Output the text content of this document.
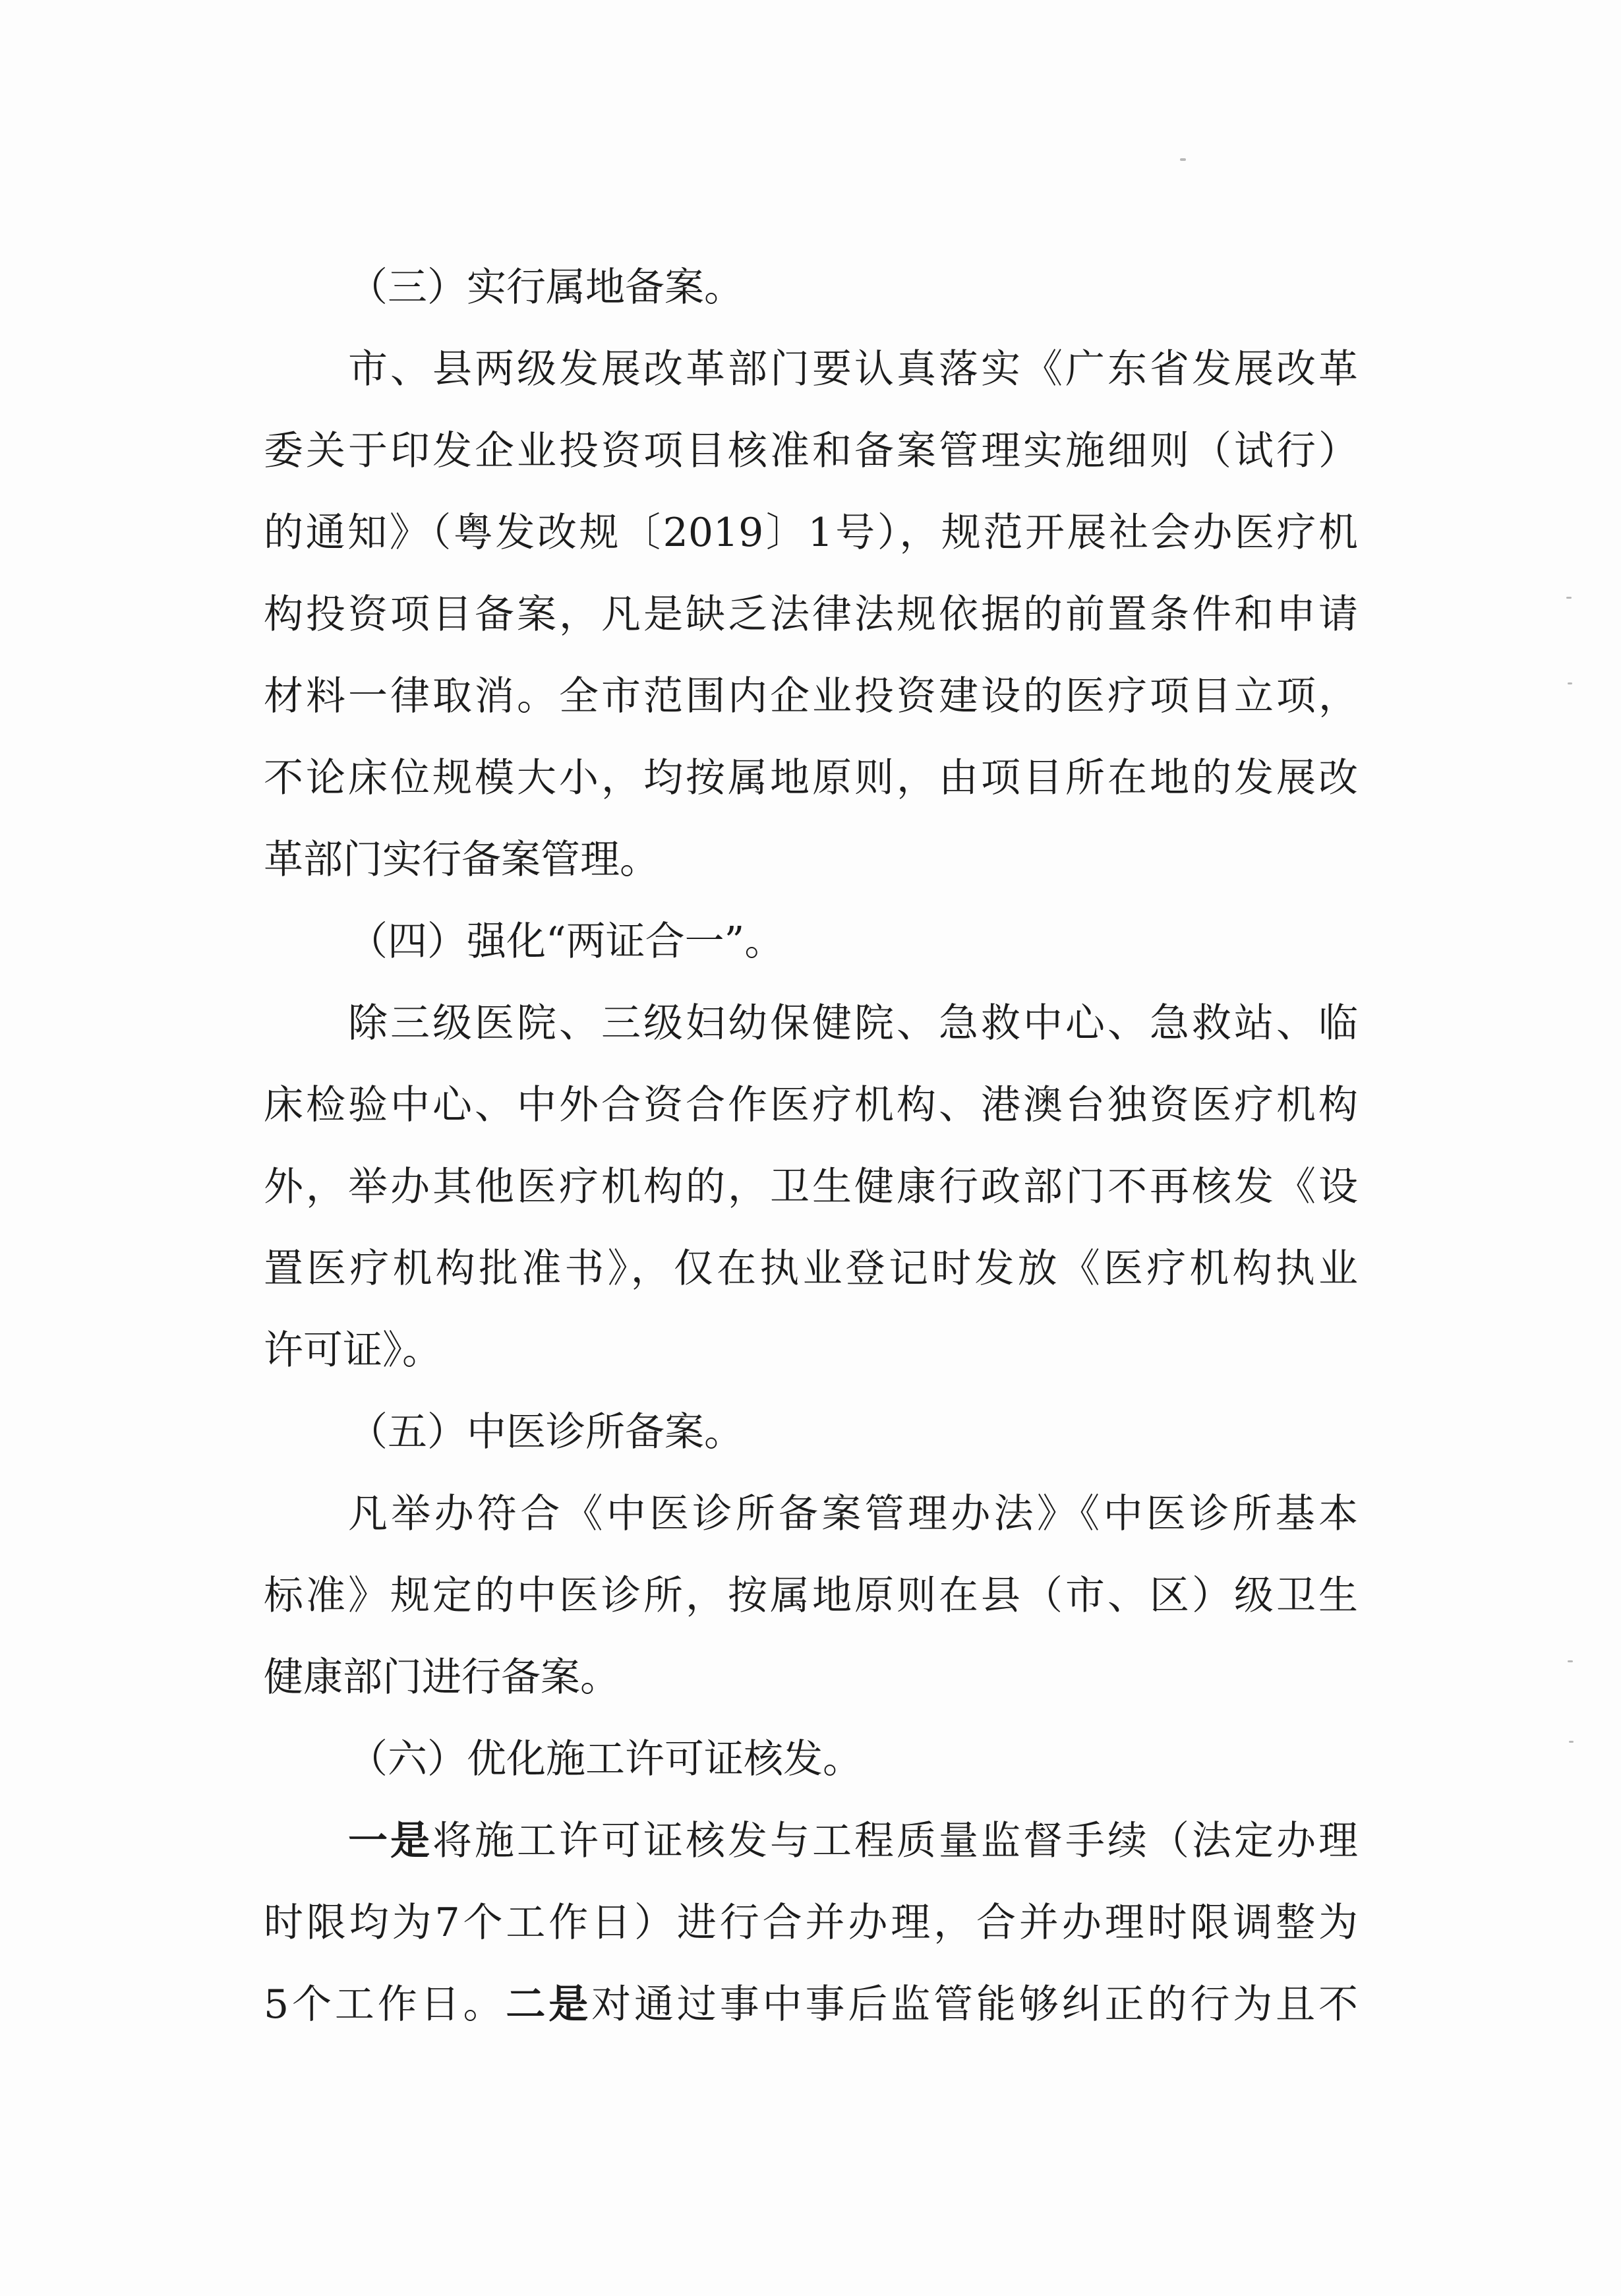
（三）实行属地备案。
市、县两级发展改革部门要认真落实《广东省发展改革
委关于印发企业投资项目核准和备案管理实施细则（试行）
的通知》（粤发改规〔2019〕1号），规范开展社会办医疗机
构投资项目备案，凡是缺乏法律法规依据的前置条件和申请
材料一律取消。全市范围内企业投资建设的医疗项目立项，
不论床位规模大小，均按属地原则，由项目所在地的发展改
革部门实行备案管理。
（四）强化“两证合一”。
除三级医院、三级妇幼保健院、急救中心、急救站、临
床检验中心、中外合资合作医疗机构、港澳台独资医疗机构
外，举办其他医疗机构的，卫生健康行政部门不再核发《设
置医疗机构批准书》，仅在执业登记时发放《医疗机构执业
许可证》。
（五）中医诊所备案。
凡举办符合《中医诊所备案管理办法》《中医诊所基本
标准》规定的中医诊所，按属地原则在县（市、区）级卫生
健康部门进行备案。
（六）优化施工许可证核发。
一是将施工许可证核发与工程质量监督手续（法定办理
时限均为7个工作日）进行合并办理，合并办理时限调整为
5个工作日。二是对通过事中事后监管能够纠正的行为且不
